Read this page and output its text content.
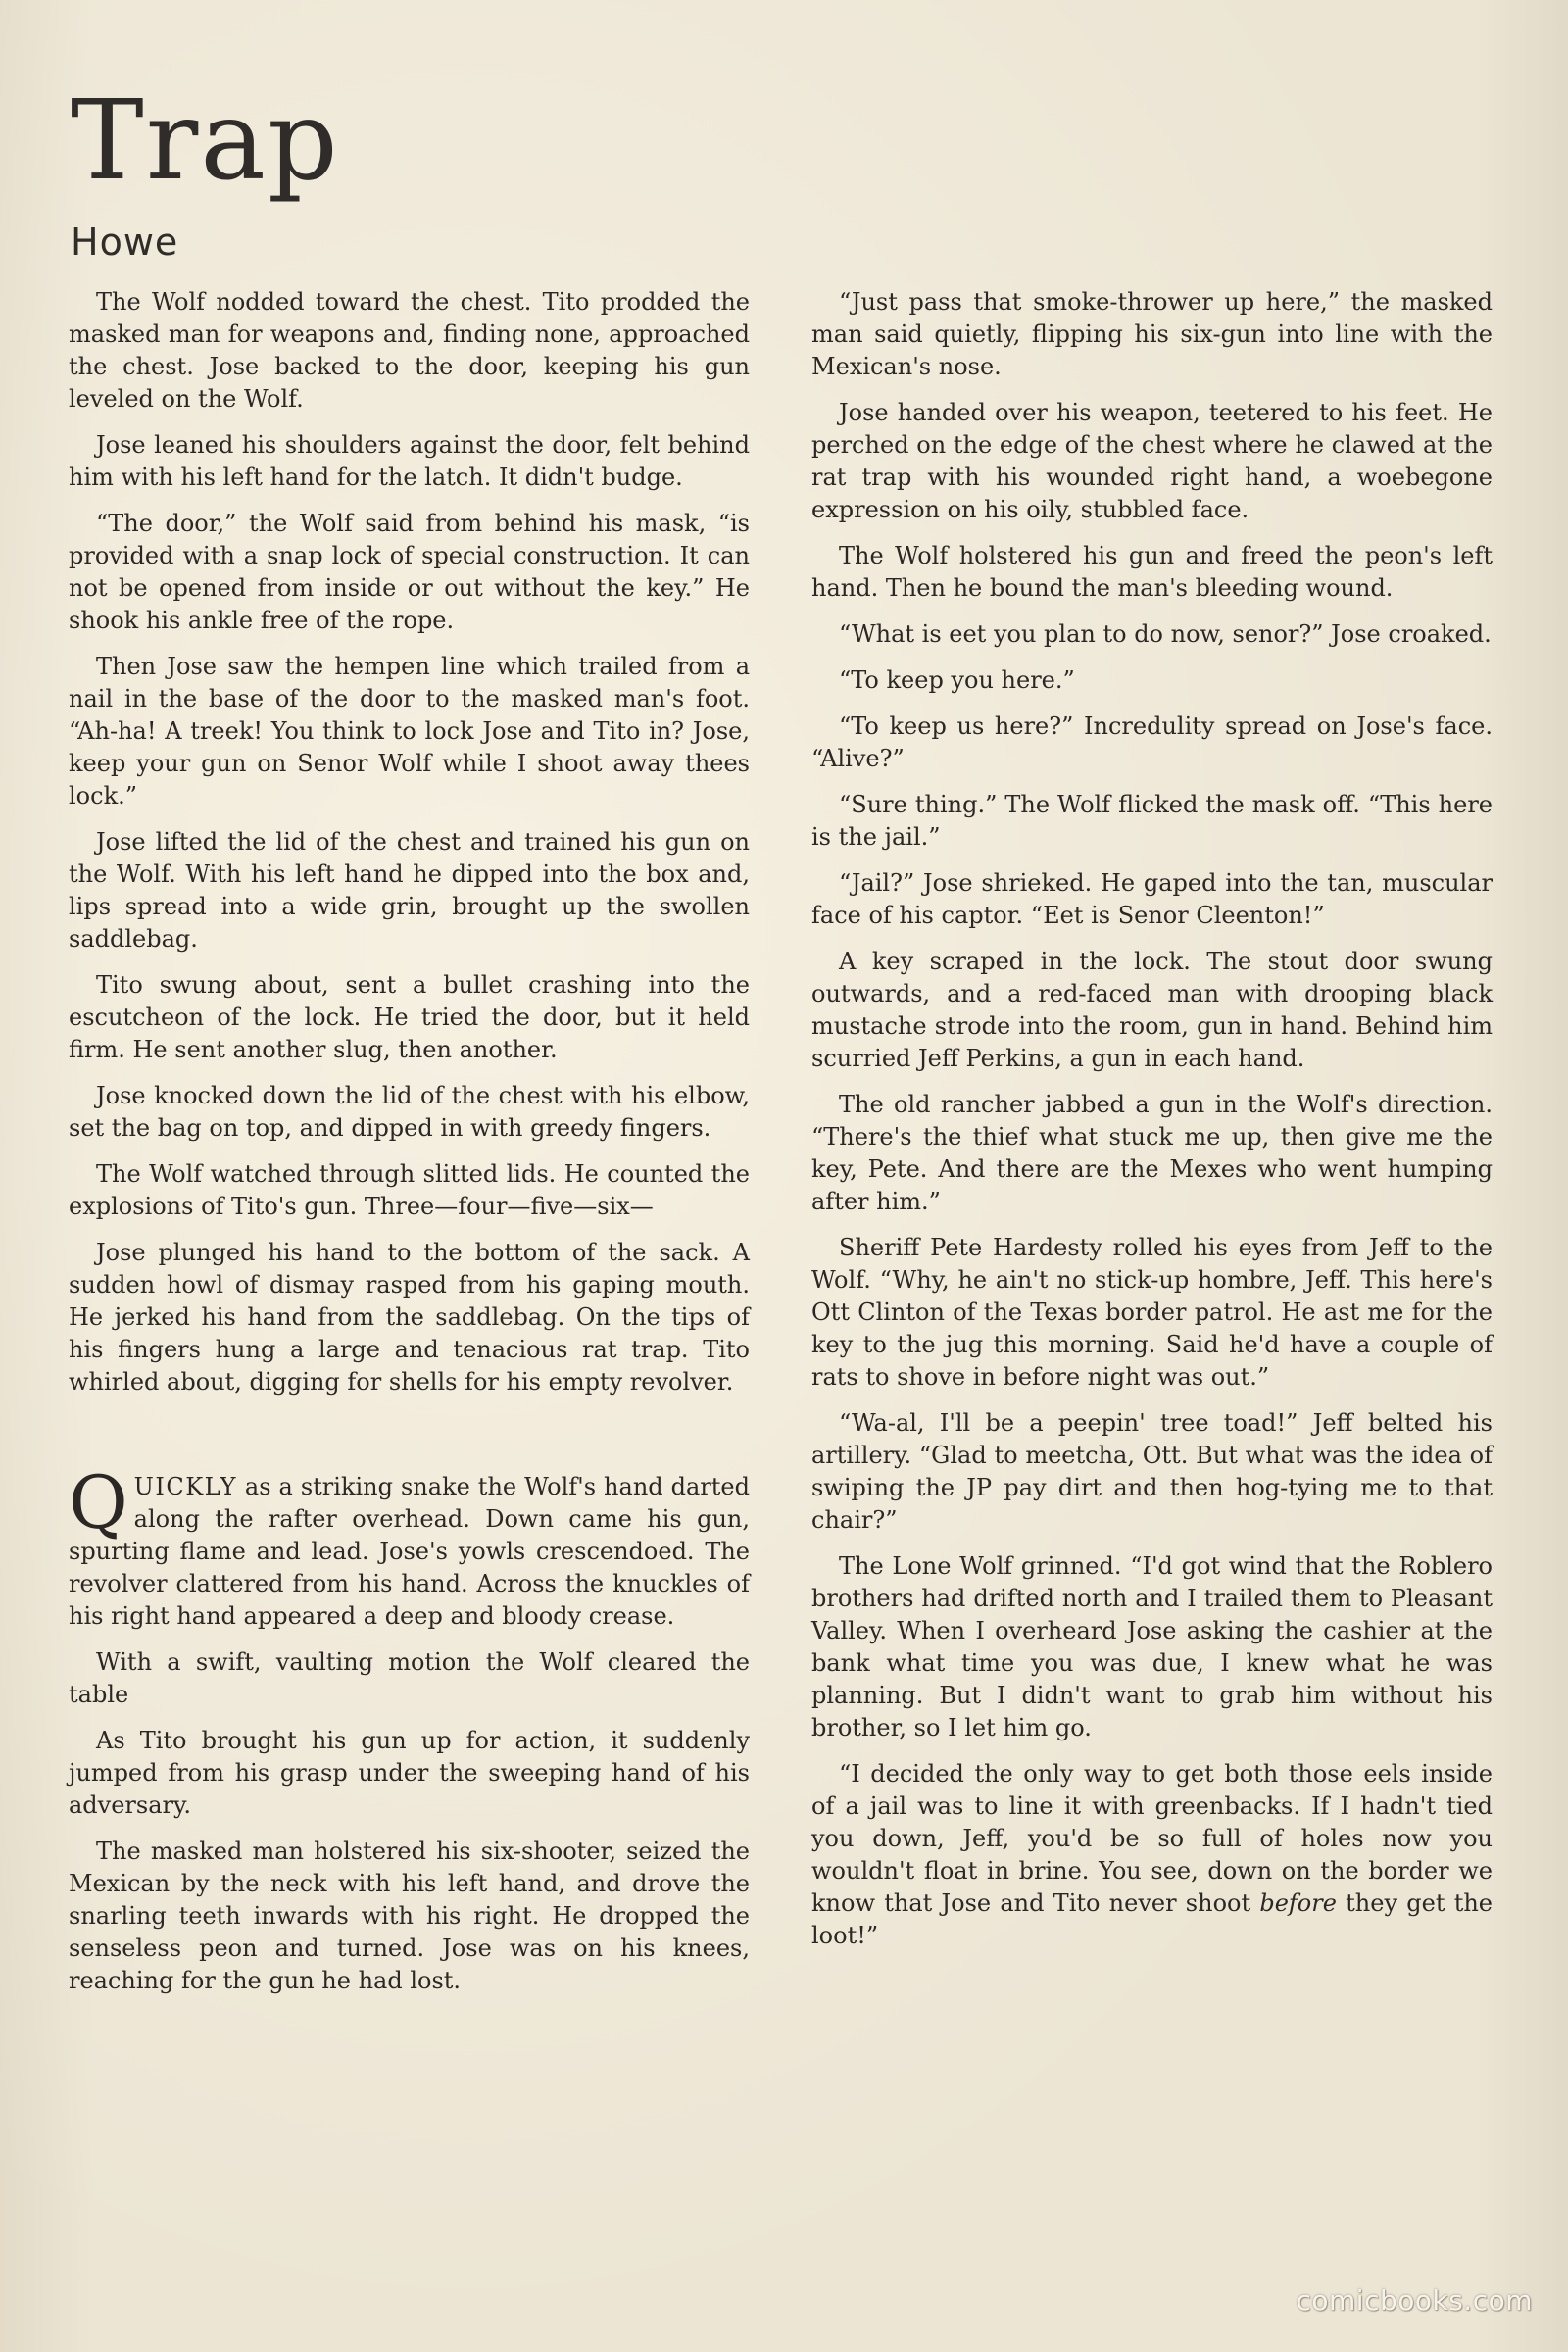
Trap
Howe

The Wolf nodded toward the chest. Tito prodded the masked man for weapons and, finding none, approached the chest. Jose backed to the door, keeping his gun leveled on the Wolf.

Jose leaned his shoulders against the door, felt behind him with his left hand for the latch. It didn't budge.

“The door,” the Wolf said from behind his mask, “is provided with a snap lock of special construction. It can not be opened from inside or out without the key.” He shook his ankle free of the rope.

Then Jose saw the hempen line which trailed from a nail in the base of the door to the masked man's foot. “Ah-ha! A treek! You think to lock Jose and Tito in? Jose, keep your gun on Senor Wolf while I shoot away thees lock.”

Jose lifted the lid of the chest and trained his gun on the Wolf. With his left hand he dipped into the box and, lips spread into a wide grin, brought up the swollen saddlebag.

Tito swung about, sent a bullet crashing into the escutcheon of the lock. He tried the door, but it held firm. He sent another slug, then another.

Jose knocked down the lid of the chest with his elbow, set the bag on top, and dipped in with greedy fingers.

The Wolf watched through slitted lids. He counted the explosions of Tito's gun. Three—four—five—six—

Jose plunged his hand to the bottom of the sack. A sudden howl of dismay rasped from his gaping mouth. He jerked his hand from the saddlebag. On the tips of his fingers hung a large and tenacious rat trap. Tito whirled about, digging for shells for his empty revolver.

QUICKLY as a striking snake the Wolf's hand darted along the rafter overhead. Down came his gun, spurting flame and lead. Jose's yowls crescendoed. The revolver clattered from his hand. Across the knuckles of his right hand appeared a deep and bloody crease.

With a swift, vaulting motion the Wolf cleared the table

As Tito brought his gun up for action, it suddenly jumped from his grasp under the sweeping hand of his adversary.

The masked man holstered his six-shooter, seized the Mexican by the neck with his left hand, and drove the snarling teeth inwards with his right. He dropped the senseless peon and turned. Jose was on his knees, reaching for the gun he had lost.

“Just pass that smoke-thrower up here,” the masked man said quietly, flipping his six-gun into line with the Mexican's nose.

Jose handed over his weapon, teetered to his feet. He perched on the edge of the chest where he clawed at the rat trap with his wounded right hand, a woebegone expression on his oily, stubbled face.

The Wolf holstered his gun and freed the peon's left hand. Then he bound the man's bleeding wound.

“What is eet you plan to do now, senor?” Jose croaked.

“To keep you here.”

“To keep us here?” Incredulity spread on Jose's face. “Alive?”

“Sure thing.” The Wolf flicked the mask off. “This here is the jail.”

“Jail?” Jose shrieked. He gaped into the tan, muscular face of his captor. “Eet is Senor Cleenton!”

A key scraped in the lock. The stout door swung outwards, and a red-faced man with drooping black mustache strode into the room, gun in hand. Behind him scurried Jeff Perkins, a gun in each hand.

The old rancher jabbed a gun in the Wolf's direction. “There's the thief what stuck me up, then give me the key, Pete. And there are the Mexes who went humping after him.”

Sheriff Pete Hardesty rolled his eyes from Jeff to the Wolf. “Why, he ain't no stick-up hombre, Jeff. This here's Ott Clinton of the Texas border patrol. He ast me for the key to the jug this morning. Said he'd have a couple of rats to shove in before night was out.”

“Wa-al, I'll be a peepin' tree toad!” Jeff belted his artillery. “Glad to meetcha, Ott. But what was the idea of swiping the JP pay dirt and then hog-tying me to that chair?”

The Lone Wolf grinned. “I'd got wind that the Roblero brothers had drifted north and I trailed them to Pleasant Valley. When I overheard Jose asking the cashier at the bank what time you was due, I knew what he was planning. But I didn't want to grab him without his brother, so I let him go.

“I decided the only way to get both those eels inside of a jail was to line it with greenbacks. If I hadn't tied you down, Jeff, you'd be so full of holes now you wouldn't float in brine. You see, down on the border we know that Jose and Tito never shoot before they get the loot!”

comicbooks.com
